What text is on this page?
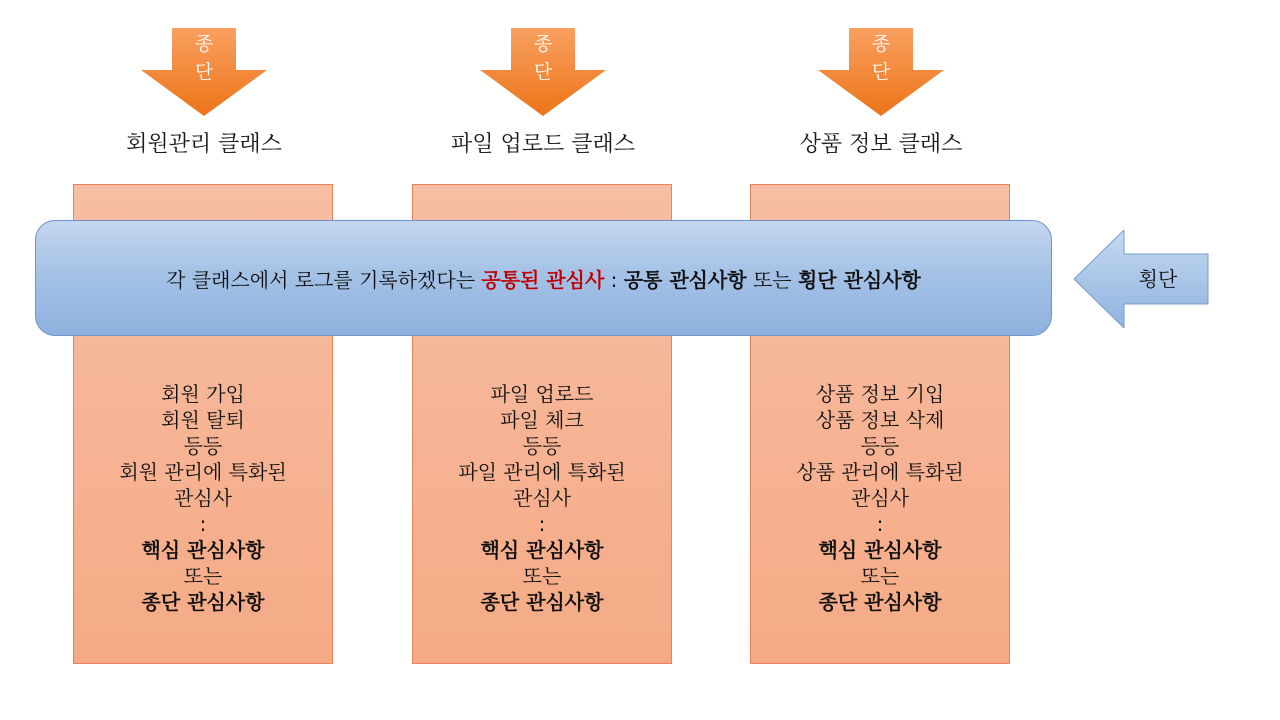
종
단
종
단
종
단
회원관리 클래스	파일 업로드 클래스	상품 정보 클래스
회원 가입
회원 탈퇴
등등
회원 관리에 특화된
관심사
:
핵심 관심사항
또는
종단 관심사항
파일 업로드
파일 체크
등등
파일 관리에 특화된
관심사
:
핵심 관심사항
또는
종단 관심사항
상품 정보 기입
상품 정보 삭제
등등
상품 관리에 특화된
관심사
:
핵심 관심사항
또는
종단 관심사항
각 클래스에서 로그를 기록하겠다는 공통된 관심사 : 공통 관심사항 또는 횡단 관심사항	횡단
